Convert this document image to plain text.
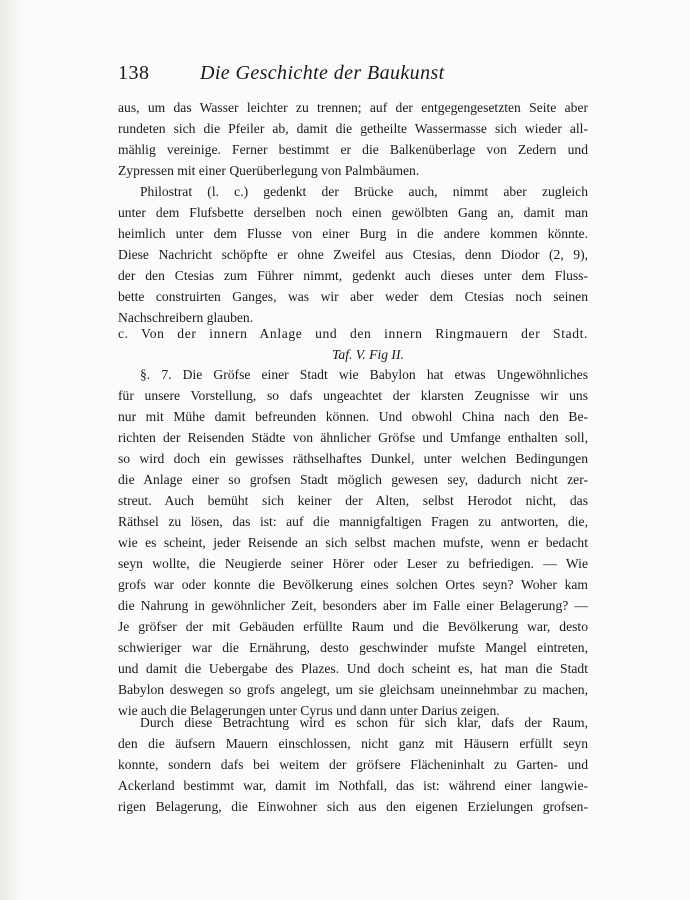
138	Die Geschichte der Baukunst
aus, um das Wasser leichter zu trennen; auf der entgegengesetzten Seite aber
rundeten sich die Pfeiler ab, damit die getheilte Wassermasse sich wieder all-
mählig vereinige. Ferner bestimmt er die Balkenüberlage von Zedern und
Zypressen mit einer Querüberlegung von Palmbäumen.
Philostrat (l. c.) gedenkt der Brücke auch, nimmt aber zugleich
unter dem Flufsbette derselben noch einen gewölbten Gang an, damit man
heimlich unter dem Flusse von einer Burg in die andere kommen könnte.
Diese Nachricht schöpfte er ohne Zweifel aus Ctesias, denn Diodor (2, 9),
der den Ctesias zum Führer nimmt, gedenkt auch dieses unter dem Fluss-
bette construirten Ganges, was wir aber weder dem Ctesias noch seinen
Nachschreibern glauben.
c. Von der innern Anlage und den innern Ringmauern der Stadt.
Taf. V. Fig II.
§. 7. Die Gröfse einer Stadt wie Babylon hat etwas Ungewöhnliches
für unsere Vorstellung, so dafs ungeachtet der klarsten Zeugnisse wir uns
nur mit Mühe damit befreunden können. Und obwohl China nach den Be-
richten der Reisenden Städte von ähnlicher Gröfse und Umfange enthalten soll,
so wird doch ein gewisses räthselhaftes Dunkel, unter welchen Bedingungen
die Anlage einer so grofsen Stadt möglich gewesen sey, dadurch nicht zer-
streut. Auch bemüht sich keiner der Alten, selbst Herodot nicht, das
Räthsel zu lösen, das ist: auf die mannigfaltigen Fragen zu antworten, die,
wie es scheint, jeder Reisende an sich selbst machen mufste, wenn er bedacht
seyn wollte, die Neugierde seiner Hörer oder Leser zu befriedigen. — Wie
grofs war oder konnte die Bevölkerung eines solchen Ortes seyn? Woher kam
die Nahrung in gewöhnlicher Zeit, besonders aber im Falle einer Belagerung? —
Je gröfser der mit Gebäuden erfüllte Raum und die Bevölkerung war, desto
schwieriger war die Ernährung, desto geschwinder mufste Mangel eintreten,
und damit die Uebergabe des Plazes. Und doch scheint es, hat man die Stadt
Babylon deswegen so grofs angelegt, um sie gleichsam uneinnehmbar zu machen,
wie auch die Belagerungen unter Cyrus und dann unter Darius zeigen.
Durch diese Betrachtung wird es schon für sich klar, dafs der Raum,
den die äufsern Mauern einschlossen, nicht ganz mit Häusern erfüllt seyn
konnte, sondern dafs bei weitem der gröfsere Flächeninhalt zu Garten- und
Ackerland bestimmt war, damit im Nothfall, das ist: während einer langwie-
rigen Belagerung, die Einwohner sich aus den eigenen Erzielungen grofsen-
